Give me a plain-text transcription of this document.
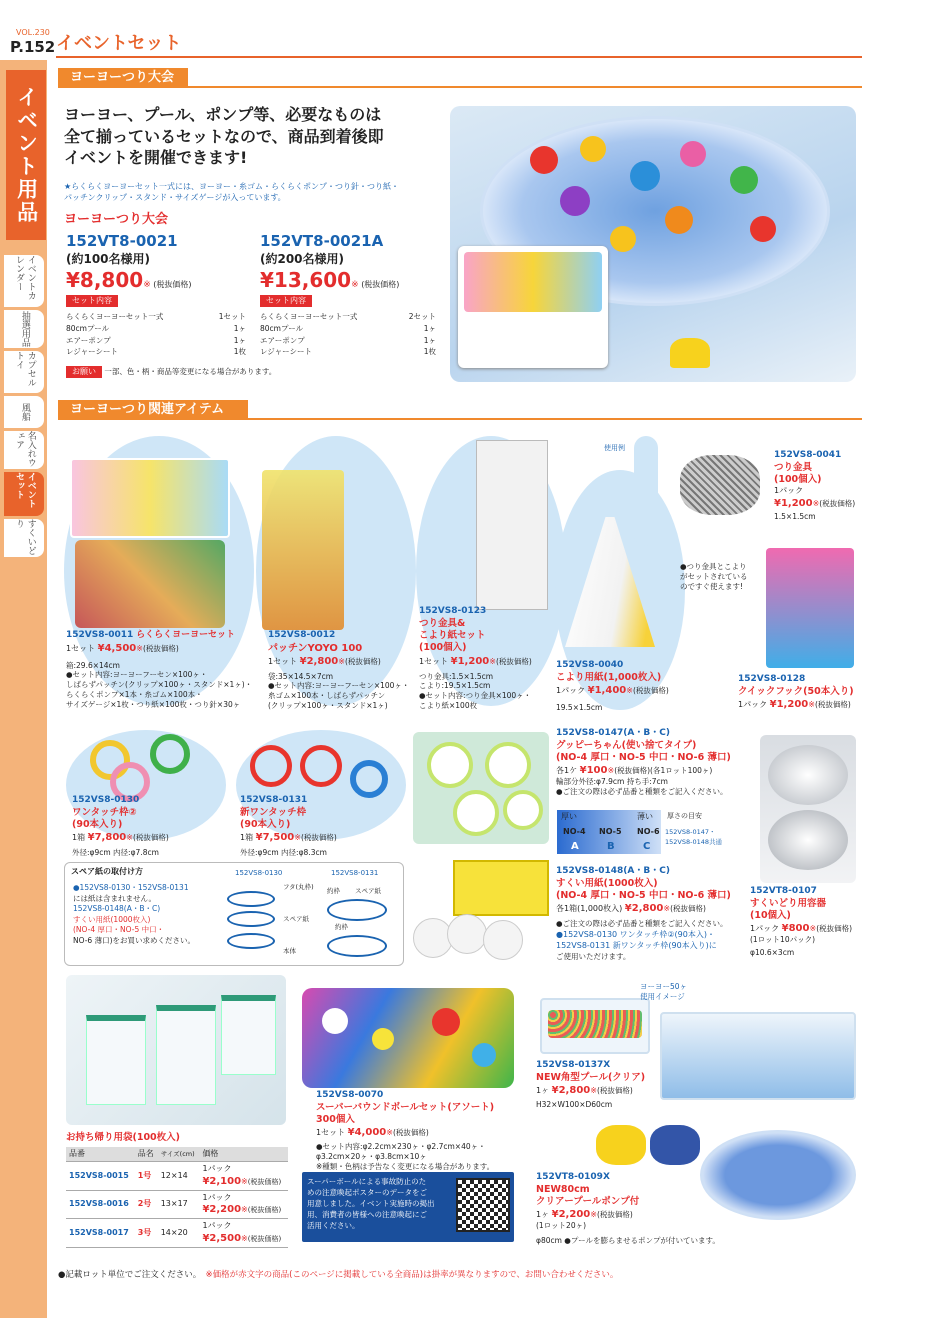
VOL.230
P.152
イベント用品
イベントカレンダー
抽選用品
カプセルトイ
風船
名入れウェア
イベントセット
すくいどり
イベントセット
ヨーヨーつり大会
ヨーヨー、プール、ポンプ等、必要なものは
全て揃っているセットなので、商品到着後即
イベントを開催できます!
★らくらくヨーヨーセット一式には、ヨーヨー・糸ゴム・らくらくポンプ・つり針・つり紙・
パッチンクリップ・スタンド・サイズゲージが入っています。
ヨーヨーつり大会
152VT8-0021
(約100名様用)
¥8,800※ (税抜価格)
セット内容
らくらくヨーヨーセット一式	1セット
80cmプール	1ヶ
エアーポンプ	1ヶ
レジャーシート	1枚
152VT8-0021A
(約200名様用)
¥13,600※ (税抜価格)
セット内容
らくらくヨーヨーセット一式	2セット
80cmプール	1ヶ
エアーポンプ	1ヶ
レジャーシート	1枚
お願い 一部、色・柄・商品等変更になる場合があります。
ヨーヨーつり関連アイテム
使用例
152VS8-0011 らくらくヨーヨーセット
1セット ¥4,500※(税抜価格)
箱:29.6×14cm
●セット内容:ヨーヨーフーセン×100ヶ・
しばらずパッチン(クリップ×100ヶ・スタンド×1ヶ)・
らくらくポンプ×1本・糸ゴム×100本・
サイズゲージ×1枚・つり紙×100枚・つり針×30ヶ
152VS8-0012
パッチンYOYO 100
1セット ¥2,800※(税抜価格)
袋:35×14.5×7cm
●セット内容:ヨーヨーフーセン×100ヶ・
糸ゴム×100本・しばらずパッチン
(クリップ×100ヶ・スタンド×1ヶ)
152VS8-0123
つり金具&
こより紙セット
(100個入)
1セット ¥1,200※(税抜価格)
つり金具:1.5×1.5cm
こより:19.5×1.5cm
●セット内容:つり金具×100ヶ・
こより紙×100枚
152VS8-0040
こより用紙(1,000枚入)
1パック ¥1,400※(税抜価格)
19.5×1.5cm
152VS8-0041
つり金具
(100個入)
1パック
¥1,200※(税抜価格)
1.5×1.5cm
●つり金具とこより
がセットされている
のですぐ使えます!
152VS8-0128
クイックフック(50本入り)
1パック ¥1,200※(税抜価格)
152VS8-0130
ワンタッチ枠②
(90本入り)
1箱 ¥7,800※(税抜価格)
外径:φ9cm 内径:φ7.8cm
152VS8-0131
新ワンタッチ枠
(90本入り)
1箱 ¥7,500※(税抜価格)
外径:φ9cm 内径:φ8.3cm
152VS8-0147(A・B・C)
グッピーちゃん(使い捨てタイプ)
(NO-4 厚口・NO-5 中口・NO-6 薄口)
各1ケ ¥100※(税抜価格)(各1ロット100ヶ)
輪部分外径:φ7.9cm 持ち手:7cm
●ご注文の際は必ず品番と種類をご記入ください。
厚い	薄い 厚さの目安
NO-4 NO-5 NO-6
A	B	C
152VS8-0147・
152VS8-0148共通
スペア紙の取付け方
●152VS8-0130・152VS8-0131
には紙は含まれません。
152VS8-0148(A・B・C)
すくい用紙(1000枚入)
(NO-4 厚口・NO-5 中口・
NO-6 薄口)をお買い求めください。
152VS8-0130	152VS8-0131
フタ(丸枠)
スペア紙
本体
約枠 スペア紙
約枠
152VS8-0148(A・B・C)
すくい用紙(1000枚入)
(NO-4 厚口・NO-5 中口・NO-6 薄口)
各1箱(1,000枚入) ¥2,800※(税抜価格)
●ご注文の際は必ず品番と種類をご記入ください。
●152VS8-0130 ワンタッチ枠②(90本入)・
152VS8-0131 新ワンタッチ枠(90本入り)に
ご使用いただけます。
152VT8-0107
すくいどり用容器
(10個入)
1パック ¥800※(税抜価格)
(1ロット10パック)
φ10.6×3cm
お持ち帰り用袋(100枚入)
品番	品名	サイズ(cm)	価格
152VS8-0015	1号	12×14	1パック
¥2,100※(税抜価格)
152VS8-0016	2号	13×17	1パック
¥2,200※(税抜価格)
152VS8-0017	3号	14×20	1パック
¥2,500※(税抜価格)
152VS8-0070
スーパーバウンドボールセット(アソート)
300個入
1セット ¥4,000※(税抜価格)
●セット内容:φ2.2cm×230ヶ・φ2.7cm×40ヶ・
φ3.2cm×20ヶ・φ3.8cm×10ヶ
※種類・色柄は予告なく変更になる場合があります。
スーパーボールによる事故防止のた
めの注意喚起ポスターのデータをご
用意しました。イベント実施時の掲出
用、消費者の皆様への注意喚起にご
活用ください。
ヨーヨー50ヶ
使用イメージ
152VS8-0137X
NEW角型プール(クリア)
1ヶ ¥2,800※(税抜価格)
H32×W100×D60cm
152VT8-0109X
NEW80cm
クリアープールポンプ付
1ヶ ¥2,200※(税抜価格)
(1ロット20ヶ)
φ80cm ●プールを膨らませるポンプが付いています。
●記載ロット単位でご注文ください。　 ※価格が赤文字の商品(このページに掲載している全商品)は掛率が異なりますので、お問い合わせください。
